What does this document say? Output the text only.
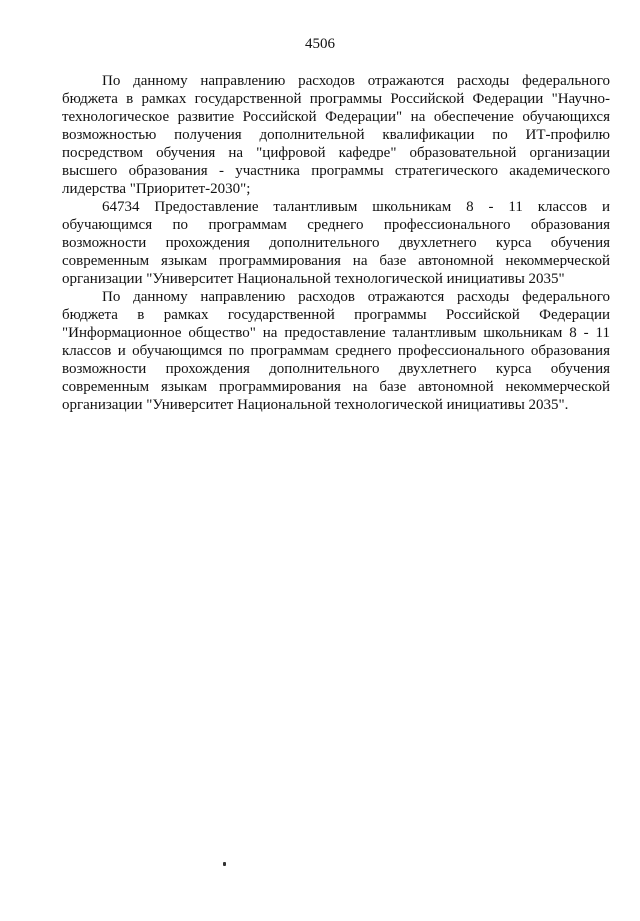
4506

По данному направлению расходов отражаются расходы федерального бюджета в рамках государственной программы Российской Федерации "Научно-технологическое развитие Российской Федерации" на обеспечение обучающихся возможностью получения дополнительной квалификации по ИТ-профилю посредством обучения на "цифровой кафедре" образовательной организации высшего образования - участника программы стратегического академического лидерства "Приоритет-2030";

64734 Предоставление талантливым школьникам 8 - 11 классов и обучающимся по программам среднего профессионального образования возможности прохождения дополнительного двухлетнего курса обучения современным языкам программирования на базе автономной некоммерческой организации "Университет Национальной технологической инициативы 2035"

По данному направлению расходов отражаются расходы федерального бюджета в рамках государственной программы Российской Федерации "Информационное общество" на предоставление талантливым школьникам 8 - 11 классов и обучающимся по программам среднего профессионального образования возможности прохождения дополнительного двухлетнего курса обучения современным языкам программирования на базе автономной некоммерческой организации "Университет Национальной технологической инициативы 2035".
